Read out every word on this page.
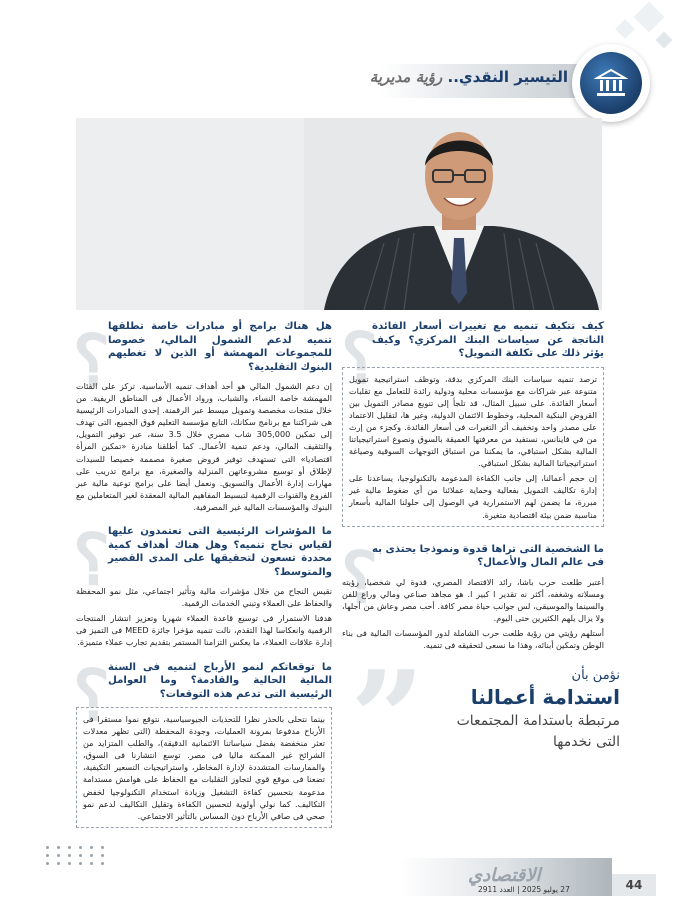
التيسير النقدي.. رؤية مديرية
؟
كيف تتكيف تنميه مع تغييرات أسعار الفائدة الناتجة عن سياسات البنك المركزي؟ وكيف يؤثر ذلك على تكلفة التمويل؟
ترصد تنميه سياسات البنك المركزي بدقة، وتوظف استراتيجية تمويل متنوعة عبر شراكات مع مؤسسات محلية ودولية رائدة للتعامل مع تقلبات أسعار الفائدة. على سبيل المثال، قد تلجأ إلى تنويع مصادر التمويل بين القروض البنكية المحلية، وخطوط الائتمان الدولية، وغير ها، لتقليل الاعتماد على مصدر واحد وتخفيف أثر التغيرات فى أسعار الفائدة. وكجزء من إرث من في فاينانس، نستفيد من معرفتها العميقة بالسوق ونصوغ استراتيجياتنا المالية بشكل استباقي، ما يمكننا من استباق التوجهات السوقية وصياغة استراتيجياتنا المالية بشكل استباقي.
إن حجم أعمالنا، إلى جانب الكفاءة المدعومة بالتكنولوجيا، يساعدنا على إدارة تكاليف التمويل بفعالية وحماية عملائنا من أي ضغوط مالية غير مبررة، ما يضمن لهم الاستمرارية في الوصول إلى حلولنا المالية بأسعار مناسبة ضمن بيئة اقتصادية متغيرة.
؟
ما الشخصية التى تراها قدوة ونموذجا يحتذى به فى عالم المال والأعمال؟
أعتبر طلعت حرب باشا، رائد الاقتصاد المصري، قدوة لي شخصيا، رؤيته ومسلاته وشغفه، أكثر نه تقدير ا كبير ا. هو مجاهد صناعي ومالي وراع للفن والسينما والموسيقى، لس جوانب حياة مصر كافة. أحب مصر وعاش من أجلها، ولا يزال يلهم الكثيرين حتى اليوم.
أستلهم رؤيتي من رؤية طلعت حرب الشاملة لدور المؤسسات المالية فى بناء الوطن وتمكين أبنائه، وهذا ما نسعى لتحقيقه فى تنميه.
؟
هل هناك برامج أو مبادرات خاصة تطلقها تنميه لدعم الشمول المالي، خصوصا للمجموعات المهمشة أو الذين لا تغطيهم البنوك التقليدية؟
إن دعم الشمول المالي هو أحد أهداف تنميه الأساسية. تركز على الفئات المهمشة خاصة النساء، والشباب، ورواد الأعمال فى المناطق الريفية. من خلال منتجات مخصصة وتمويل ميسط عبر الرقمنة. إحدى المبادرات الرئيسية هى شراكتنا مع برنامج سكانك، التابع مؤسسة التعليم فوق الجميع، التى تهدف إلى تمكين 305,000 شاب مصري خلال 3.5 سنة، عبر توفير التمويل، والتثقيف المالي، ودعم تنمية الأعمال. كما أطلقنا مبادرة «تمكين المرأة اقتصاديا» التى تستهدف توفير قروض صغيرة مصممة خصيصا للسيدات لإطلاق أو توسيع مشروعاتهن المنزلية والصغيرة، مع برامج تدريب على مهارات إدارة الأعمال والتسويق. ونعمل أيضا على برامج توعية مالية عبر الفروع والقنوات الرقمية لتبسيط المفاهيم المالية المعقدة لغير المتعاملين مع البنوك والمؤسسات المالية غير المصرفية.
؟
ما المؤشرات الرئيسية التى تعتمدون عليها لقياس نجاح تنميه؟ وهل هناك أهداف كمية محددة تسعون لتحقيقها على المدى القصير والمتوسط؟
نقيس النجاح من خلال مؤشرات مالية وتأثير اجتماعي، مثل نمو المحفظة والحفاظ على العملاء وتبني الخدمات الرقمية.
هدفنا الاستمرار فى توسيع قاعدة العملاء شهريا وتعزيز انتشار المنتجات الرقمية وانعكاسا لهذا التقدم، نالت تنميه مؤخرا جائزة MEED فى التميز فى إدارة علاقات العملاء، ما يعكس التزامنا المستمر بتقديم تجارب عملاء متميزة.
؟
ما توقعاتكم لنمو الأرباح لتنميه فى السنة المالية الحالية والقادمة؟ وما العوامل الرئيسية التى تدعم هذه التوقعات؟
بينما نتحلى بالحذر نظرا للتحديات الجيوسياسية، نتوقع نموا مستقرا فى الأرباح مدفوعا بمرونة العمليات، وجودة المحفظة (التى تظهر معدلات تعثر منخفضة بفضل سياساتنا الائتمانية الدقيقة)، والطلب المتزايد من الشرائح غير الممكنة ماليا فى مصر. توسع انتشارنا فى السوق، والممارسات المتشددة لإدارة المخاطر، واستراتيجيات التسعير التكيفية، تضعنا فى موقع قوي لتجاوز التقلبات مع الحفاظ على هوامش مستدامة مدعومة بتحسين كفاءة التشغيل وزيادة استخدام التكنولوجيا لخفض التكاليف. كما نولي أولوية لتحسين الكفاءة وتقليل التكاليف لدعم نمو صحي فى صافي الأرباح دون المساس بالتأثير الاجتماعي.
”	نؤمن بأن
استدامة أعمالنا
مرتبطة باستدامة المجتمعات
التى نخدمها
الاقتصادي
27 يوليو 2025 | العدد 2911	44
